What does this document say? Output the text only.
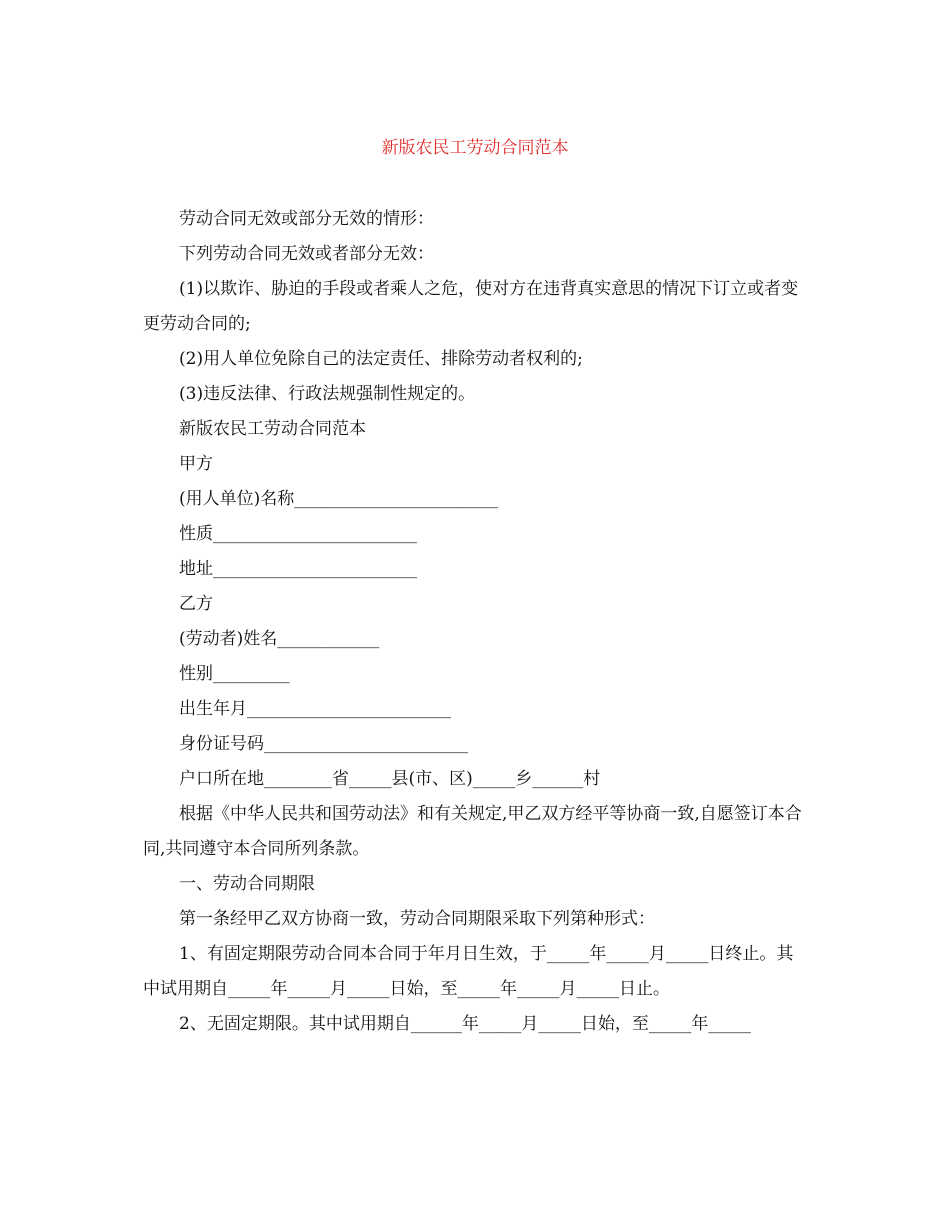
新版农民工劳动合同范本

劳动合同无效或部分无效的情形：

下列劳动合同无效或者部分无效：

(1)以欺诈、胁迫的手段或者乘人之危，使对方在违背真实意思的情况下订立或者变更劳动合同的;

(2)用人单位免除自己的法定责任、排除劳动者权利的;

(3)违反法律、行政法规强制性规定的。

新版农民工劳动合同范本

甲方

(用人单位)名称________________________

性质________________________

地址________________________

乙方

(劳动者)姓名____________

性别_________

出生年月________________________

身份证号码________________________

户口所在地________省_____县(市、区)_____乡______村

根据《中华人民共和国劳动法》和有关规定,甲乙双方经平等协商一致,自愿签订本合同,共同遵守本合同所列条款。

一、劳动合同期限

第一条经甲乙双方协商一致，劳动合同期限采取下列第种形式：

1、有固定期限劳动合同本合同于年月日生效，于_____年_____月_____日终止。其中试用期自_____年_____月_____日始，至_____年_____月_____日止。

2、无固定期限。其中试用期自______年_____月_____日始，至_____年_____
